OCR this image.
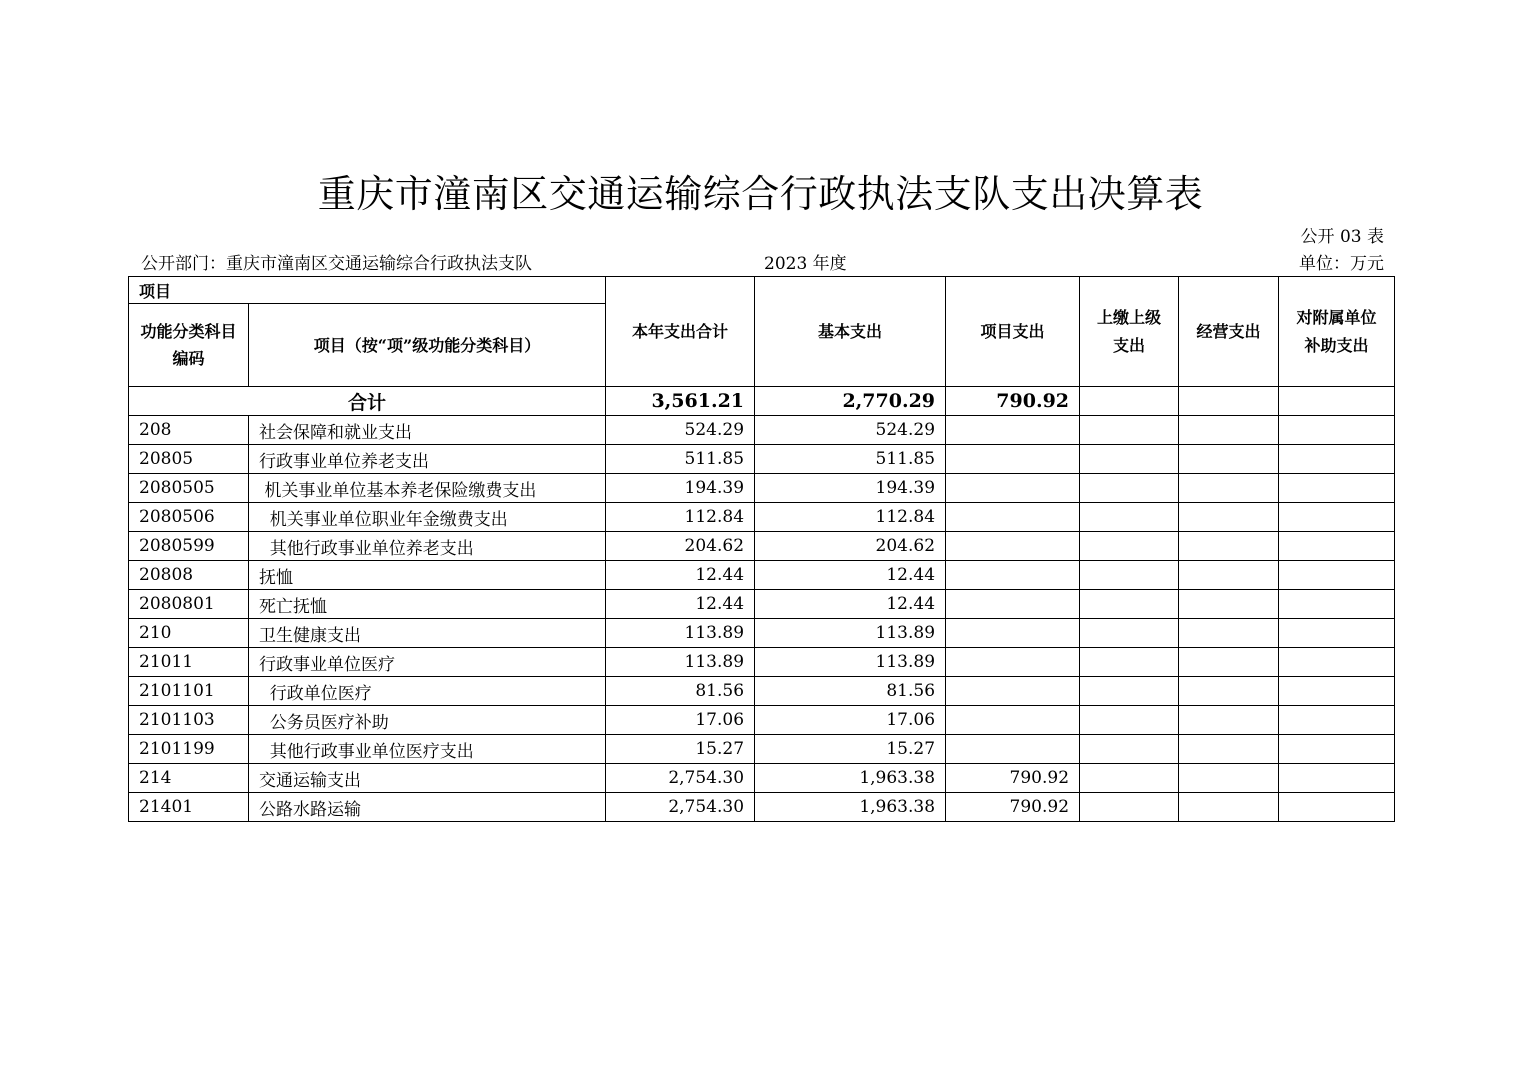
重庆市潼南区交通运输综合行政执法支队支出决算表
公开 03 表
公开部门：重庆市潼南区交通运输综合行政执法支队	2023 年度	单位：万元
项目		本年支出合计	基本支出	项目支出	上缴上级支出	经营支出	对附属单位补助支出
功能分类科目编码	项目（按“项”级功能分类科目）						
合计		3,561.21	2,770.29	790.92			
208	社会保障和就业支出	524.29	524.29				
20805	行政事业单位养老支出	511.85	511.85				
2080505	机关事业单位基本养老保险缴费支出	194.39	194.39				
2080506	机关事业单位职业年金缴费支出	112.84	112.84				
2080599	其他行政事业单位养老支出	204.62	204.62				
20808	抚恤	12.44	12.44				
2080801	死亡抚恤	12.44	12.44				
210	卫生健康支出	113.89	113.89				
21011	行政事业单位医疗	113.89	113.89				
2101101	行政单位医疗	81.56	81.56				
2101103	公务员医疗补助	17.06	17.06				
2101199	其他行政事业单位医疗支出	15.27	15.27				
214	交通运输支出	2,754.30	1,963.38	790.92			
21401	公路水路运输	2,754.30	1,963.38	790.92			
